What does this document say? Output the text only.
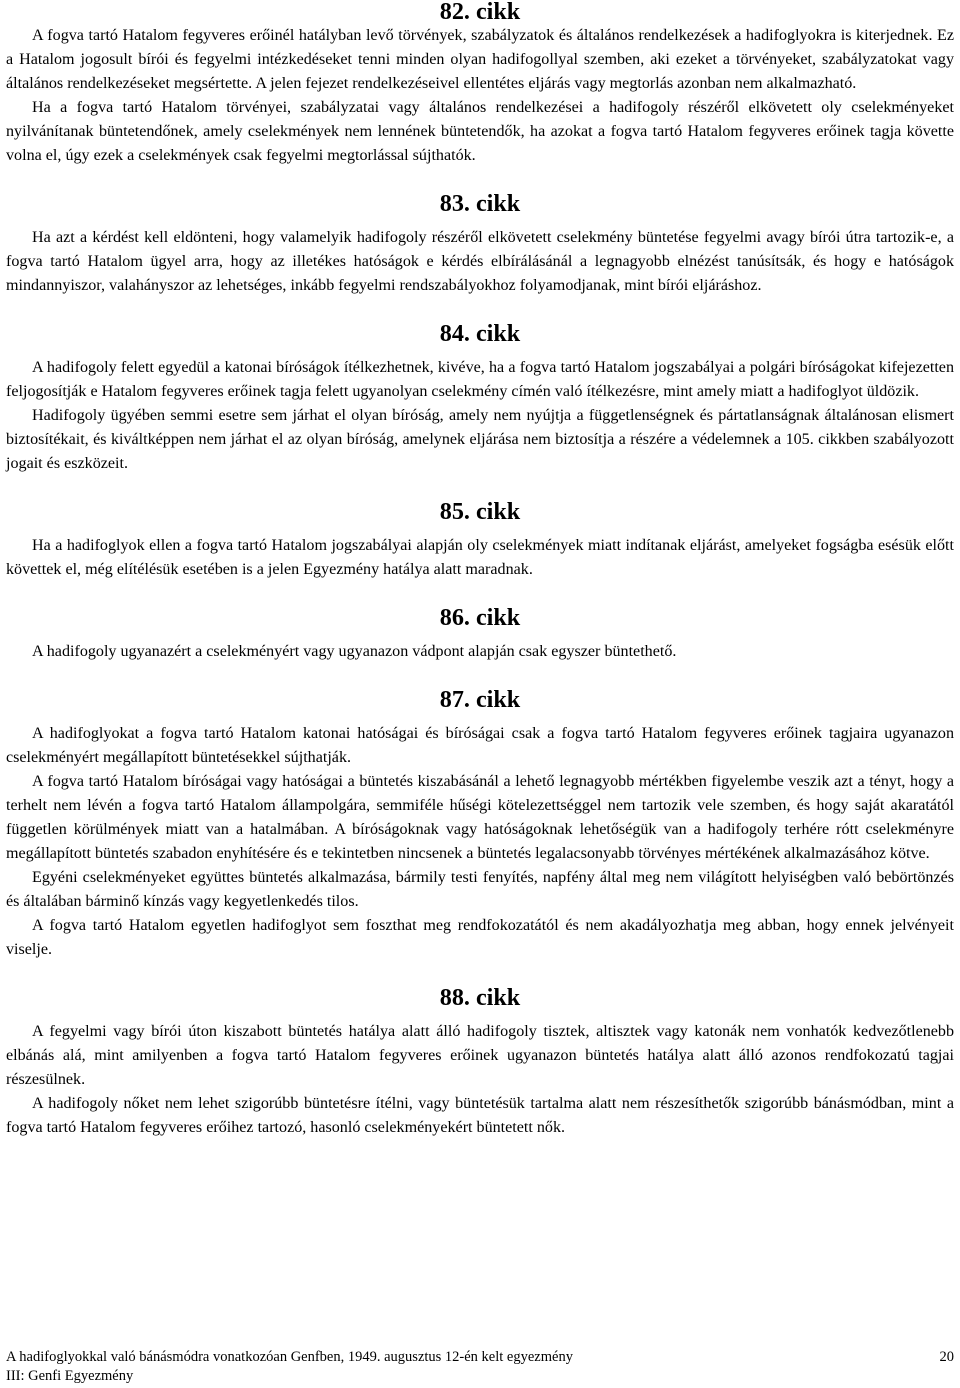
82. cikk

A fogva tartó Hatalom fegyveres erőinél hatályban levő törvények, szabályzatok és általános rendelkezések a hadifoglyokra is kiterjednek. Ez a Hatalom jogosult bírói és fegyelmi intézkedéseket tenni minden olyan hadifogollyal szemben, aki ezeket a törvényeket, szabályzatokat vagy általános rendelkezéseket megsértette. A jelen fejezet rendelkezéseivel ellentétes eljárás vagy megtorlás azonban nem alkalmazható.

Ha a fogva tartó Hatalom törvényei, szabályzatai vagy általános rendelkezései a hadifogoly részéről elkövetett oly cselekményeket nyilvánítanak büntetendőnek, amely cselekmények nem lennének büntetendők, ha azokat a fogva tartó Hatalom fegyveres erőinek tagja követte volna el, úgy ezek a cselekmények csak fegyelmi megtorlással sújthatók.

83. cikk

Ha azt a kérdést kell eldönteni, hogy valamelyik hadifogoly részéről elkövetett cselekmény büntetése fegyelmi avagy bírói útra tartozik-e, a fogva tartó Hatalom ügyel arra, hogy az illetékes hatóságok e kérdés elbírálásánál a legnagyobb elnézést tanúsítsák, és hogy e hatóságok mindannyiszor, valahányszor az lehetséges, inkább fegyelmi rendszabályokhoz folyamodjanak, mint bírói eljáráshoz.

84. cikk

A hadifogoly felett egyedül a katonai bíróságok ítélkezhetnek, kivéve, ha a fogva tartó Hatalom jogszabályai a polgári bíróságokat kifejezetten feljogosítják e Hatalom fegyveres erőinek tagja felett ugyanolyan cselekmény címén való ítélkezésre, mint amely miatt a hadifoglyot üldözik.

Hadifogoly ügyében semmi esetre sem járhat el olyan bíróság, amely nem nyújtja a függetlenségnek és pártatlanságnak általánosan elismert biztosítékait, és kiváltképpen nem járhat el az olyan bíróság, amelynek eljárása nem biztosítja a részére a védelemnek a 105. cikkben szabályozott jogait és eszközeit.

85. cikk

Ha a hadifoglyok ellen a fogva tartó Hatalom jogszabályai alapján oly cselekmények miatt indítanak eljárást, amelyeket fogságba esésük előtt követtek el, még elítélésük esetében is a jelen Egyezmény hatálya alatt maradnak.

86. cikk

A hadifogoly ugyanazért a cselekményért vagy ugyanazon vádpont alapján csak egyszer büntethető.

87. cikk

A hadifoglyokat a fogva tartó Hatalom katonai hatóságai és bíróságai csak a fogva tartó Hatalom fegyveres erőinek tagjaira ugyanazon cselekményért megállapított büntetésekkel sújthatják.

A fogva tartó Hatalom bíróságai vagy hatóságai a büntetés kiszabásánál a lehető legnagyobb mértékben figyelembe veszik azt a tényt, hogy a terhelt nem lévén a fogva tartó Hatalom állampolgára, semmiféle hűségi kötelezettséggel nem tartozik vele szemben, és hogy saját akaratától független körülmények miatt van a hatalmában. A bíróságoknak vagy hatóságoknak lehetőségük van a hadifogoly terhére rótt cselekményre megállapított büntetés szabadon enyhítésére és e tekintetben nincsenek a büntetés legalacsonyabb törvényes mértékének alkalmazásához kötve.

Egyéni cselekményeket együttes büntetés alkalmazása, bármily testi fenyítés, napfény által meg nem világított helyiségben való bebörtönzés és általában bárminő kínzás vagy kegyetlenkedés tilos.

A fogva tartó Hatalom egyetlen hadifoglyot sem foszthat meg rendfokozatától és nem akadályozhatja meg abban, hogy ennek jelvényeit viselje.

88. cikk

A fegyelmi vagy bírói úton kiszabott büntetés hatálya alatt álló hadifogoly tisztek, altisztek vagy katonák nem vonhatók kedvezőtlenebb elbánás alá, mint amilyenben a fogva tartó Hatalom fegyveres erőinek ugyanazon büntetés hatálya alatt álló azonos rendfokozatú tagjai részesülnek.

A hadifogoly nőket nem lehet szigorúbb büntetésre ítélni, vagy büntetésük tartalma alatt nem részesíthetők szigorúbb bánásmódban, mint a fogva tartó Hatalom fegyveres erőihez tartozó, hasonló cselekményekért büntetett nők.

A hadifoglyokkal való bánásmódra vonatkozóan Genfben, 1949. augusztus 12-én kelt egyezmény
III: Genfi Egyezmény
20
